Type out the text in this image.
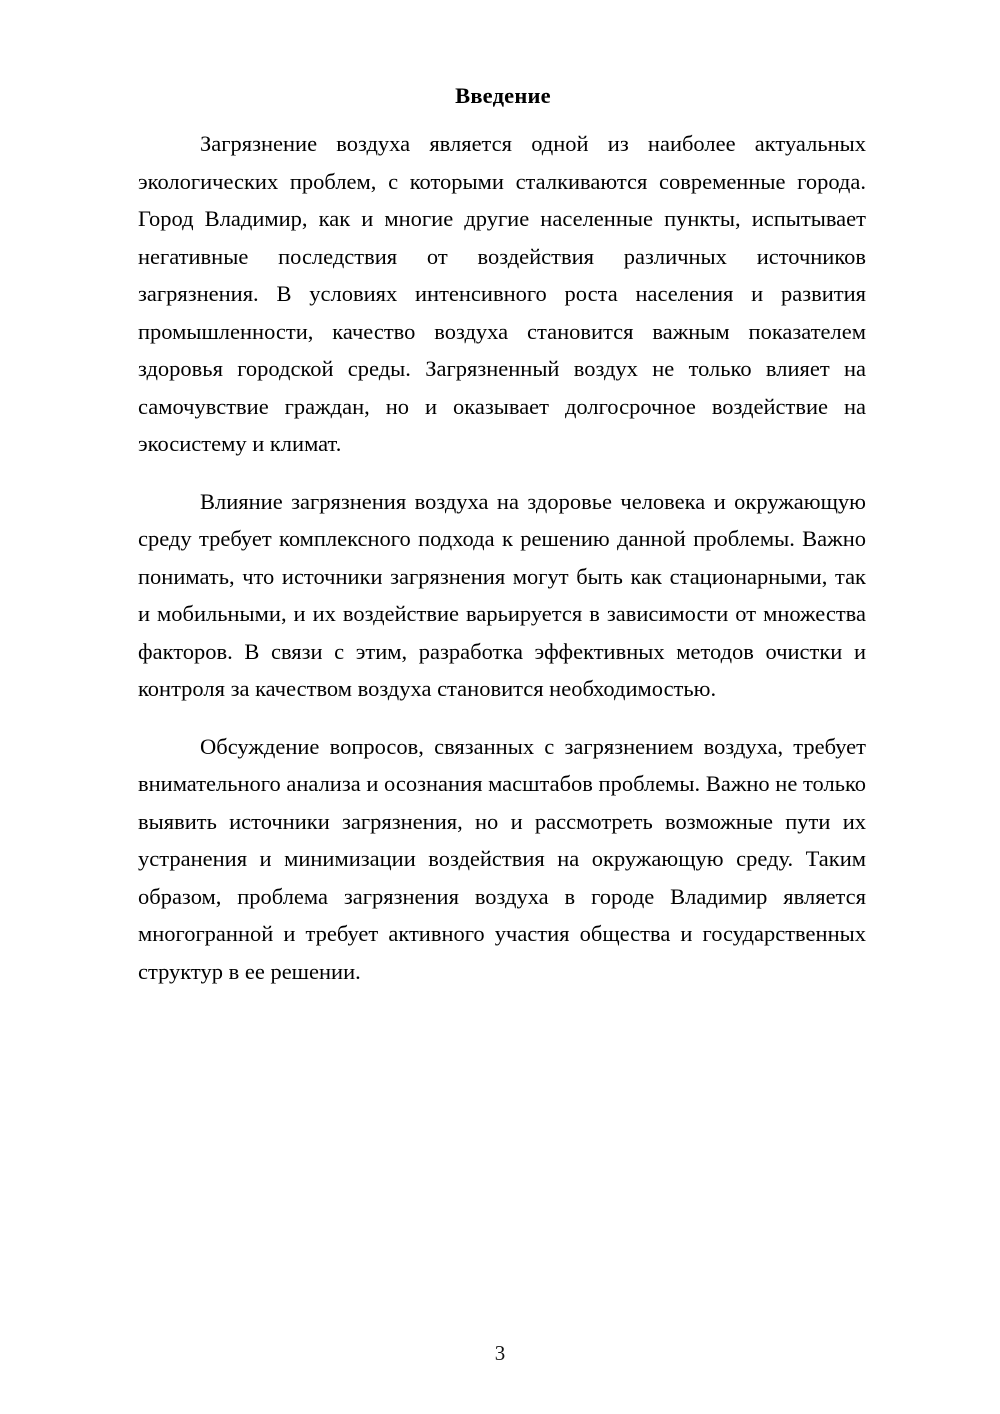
Введение

Загрязнение воздуха является одной из наиболее актуальных экологических проблем, с которыми сталкиваются современные города. Город Владимир, как и многие другие населенные пункты, испытывает негативные последствия от воздействия различных источников загрязнения. В условиях интенсивного роста населения и развития промышленности, качество воздуха становится важным показателем здоровья городской среды. Загрязненный воздух не только влияет на самочувствие граждан, но и оказывает долгосрочное воздействие на экосистему и климат.

Влияние загрязнения воздуха на здоровье человека и окружающую среду требует комплексного подхода к решению данной проблемы. Важно понимать, что источники загрязнения могут быть как стационарными, так и мобильными, и их воздействие варьируется в зависимости от множества факторов. В связи с этим, разработка эффективных методов очистки и контроля за качеством воздуха становится необходимостью.

Обсуждение вопросов, связанных с загрязнением воздуха, требует внимательного анализа и осознания масштабов проблемы. Важно не только выявить источники загрязнения, но и рассмотреть возможные пути их устранения и минимизации воздействия на окружающую среду. Таким образом, проблема загрязнения воздуха в городе Владимир является многогранной и требует активного участия общества и государственных структур в ее решении.

3
